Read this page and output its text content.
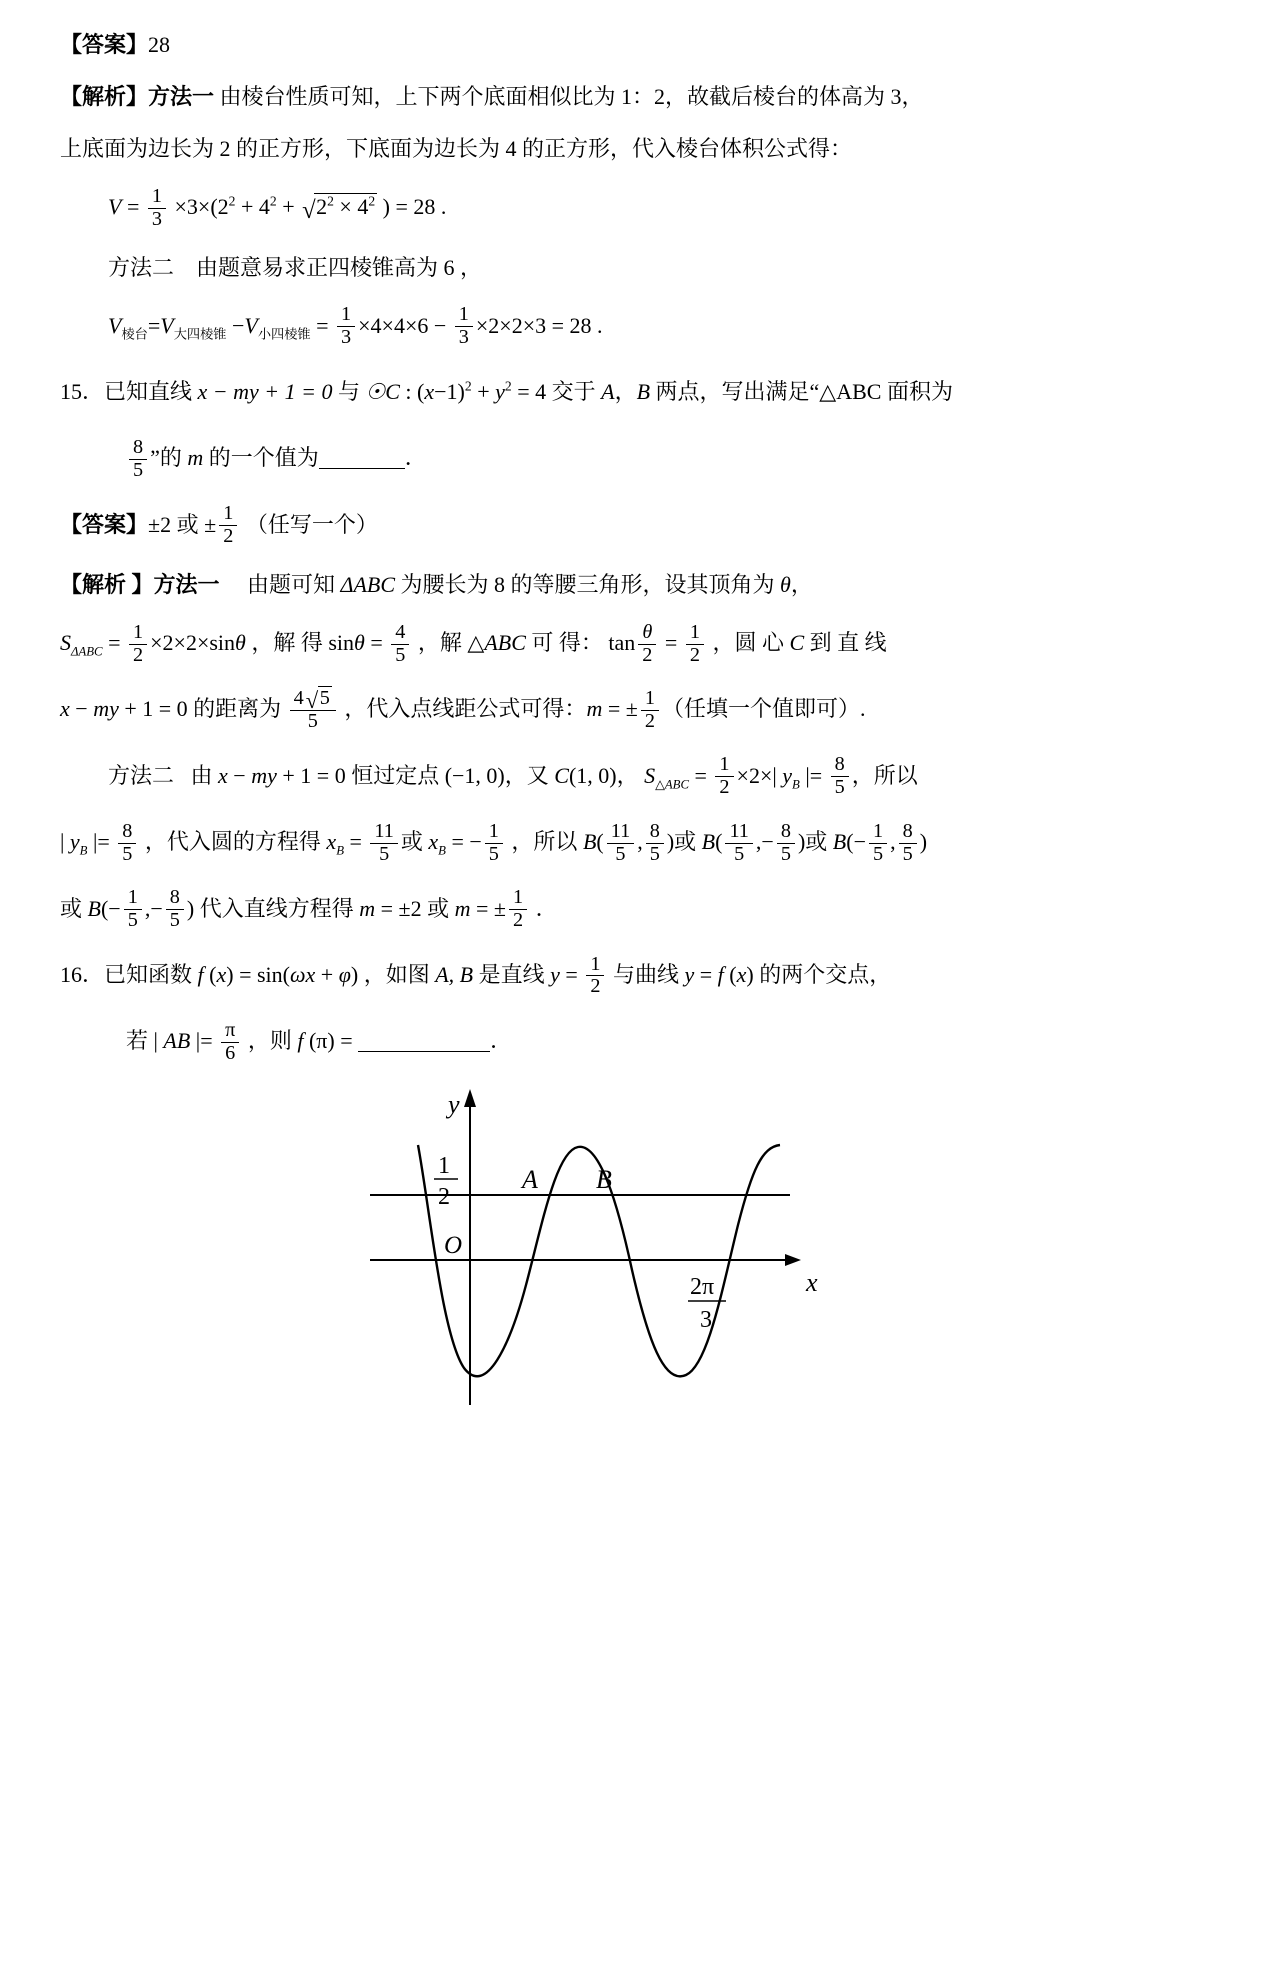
【答案】28

【解析】方法一 由棱台性质可知，上下两个底面相似比为 1：2，故截后棱台的体高为 3，

上底面为边长为 2 的正方形，下底面为边长为 4 的正方形，代入棱台体积公式得：

$V = \frac{1}{3} \times 3\times(2^2 + 4^2$ + √ $2^2 \times 4^2$ ) = 28 .

方法二 由题意易求正四棱锥高为 6 ，

$V_{棱台}=V_{大四棱锥} -V_{小四棱锥} = \frac{1}{3} \times 4\times 4\times 6 - \frac{1}{3} \times 2\times 2\times 3 = 28$ .

15．已知直线 x − my + 1 = 0 与 ☉C : $(x-1)^2 + y^2 = 4$ 交于 A，B 两点，写出满足“△ABC 面积为

$\frac{8}{5}$ ”的 m 的一个值为	．

【答案】±2 或 ± $\frac{1}{2}$ （任写一个）

【解析 】方法一 由题可知 ΔABC 为腰长为 8 的等腰三角形，设其顶角为 θ，

$S_{\Delta ABC} = \frac{1}{2} \times 2\times 2\times\sin\theta$ ，解 得 $\sin\theta = \frac{4}{5}$ ，解 △ABC 可 得： $\tan \frac{\theta}{2} = \frac{1}{2}$ ，圆 心 C 到 直 线

x − my + 1 = 0 的距离为 $\frac{4 √ 5}{5}$ ，代入点线距公式可得：m = ± $\frac{1}{2}$ （任填一个值即可）.

方法二   由 x − my + 1 = 0 恒过定点 (−1, 0)，又 C(1, 0)， $S_{\triangle ABC} = \frac{1}{2} \times 2\times|$ $y_B$ |= $\frac{8}{5}$ ，所以

| $y_B$ |= $\frac{8}{5}$ ，代入圆的方程得 $x_B = \frac{11}{5}$ 或 $x_B$ = − $\frac{1}{5}$ ，所以 $B( \frac{11}{5}$ , $\frac{8}{5}$ )或 $B( \frac{11}{5}$ ,− $\frac{8}{5}$ )或 $B(- \frac{1}{5}$ , $\frac{8}{5}$ )

或 $B(- \frac{1}{5}$ ,− $\frac{8}{5}$ ) 代入直线方程得 m = ±2 或 m = ± $\frac{1}{2}$ ．

16．已知函数 f (x) = sin(ωx + φ) ，如图 A, B 是直线 $y = \frac{1}{2}$ 与曲线 y = f (x) 的两个交点，

若 | AB |= $\frac{\pi}{6}$ ，则 f (π) =	．

y
x
O
1
2
A B
2π
3
